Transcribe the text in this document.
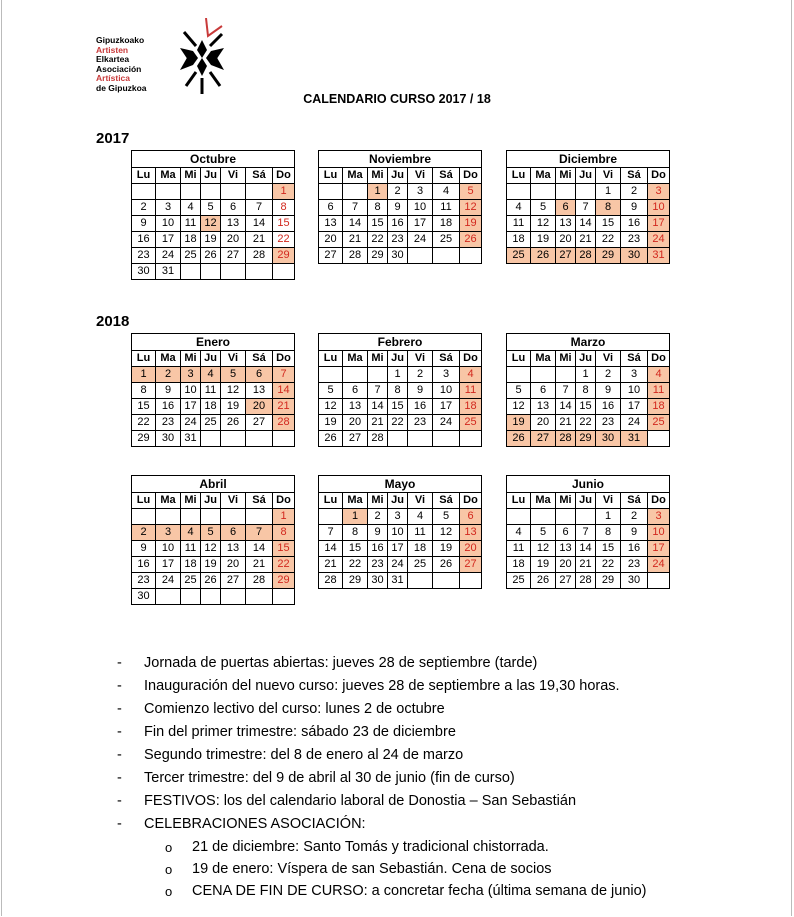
Gipuzkoako
Artisten
Elkartea
Asociación
Artística
de Gipuzkoa
CALENDARIO CURSO 2017 / 18
2017
2018
Octubre						
Lu	Ma	Mi	Ju	Vi	Sá	Do
						1
2	3	4	5	6	7	8
9	10	11	12	13	14	15
16	17	18	19	20	21	22
23	24	25	26	27	28	29
30	31					
Noviembre						
Lu	Ma	Mi	Ju	Vi	Sá	Do
		1	2	3	4	5
6	7	8	9	10	11	12
13	14	15	16	17	18	19
20	21	22	23	24	25	26
27	28	29	30			
Diciembre						
Lu	Ma	Mi	Ju	Vi	Sá	Do
				1	2	3
4	5	6	7	8	9	10
11	12	13	14	15	16	17
18	19	20	21	22	23	24
25	26	27	28	29	30	31
Enero						
Lu	Ma	Mi	Ju	Vi	Sá	Do
1	2	3	4	5	6	7
8	9	10	11	12	13	14
15	16	17	18	19	20	21
22	23	24	25	26	27	28
29	30	31				
Febrero						
Lu	Ma	Mi	Ju	Vi	Sá	Do
			1	2	3	4
5	6	7	8	9	10	11
12	13	14	15	16	17	18
19	20	21	22	23	24	25
26	27	28				
Marzo						
Lu	Ma	Mi	Ju	Vi	Sá	Do
			1	2	3	4
5	6	7	8	9	10	11
12	13	14	15	16	17	18
19	20	21	22	23	24	25
26	27	28	29	30	31	
Abril						
Lu	Ma	Mi	Ju	Vi	Sá	Do
						1
2	3	4	5	6	7	8
9	10	11	12	13	14	15
16	17	18	19	20	21	22
23	24	25	26	27	28	29
30						
Mayo						
Lu	Ma	Mi	Ju	Vi	Sá	Do
	1	2	3	4	5	6
7	8	9	10	11	12	13
14	15	16	17	18	19	20
21	22	23	24	25	26	27
28	29	30	31			
Junio						
Lu	Ma	Mi	Ju	Vi	Sá	Do
				1	2	3
4	5	6	7	8	9	10
11	12	13	14	15	16	17
18	19	20	21	22	23	24
25	26	27	28	29	30	
- Jornada de puertas abiertas: jueves 28 de septiembre (tarde)
- Inauguración del nuevo curso: jueves 28 de septiembre a las 19,30 horas.
- Comienzo lectivo del curso: lunes 2 de octubre
- Fin del primer trimestre: sábado 23 de diciembre
- Segundo trimestre: del 8 de enero al 24 de marzo
- Tercer trimestre: del 9 de abril al 30 de junio (fin de curso)
- FESTIVOS: los del calendario laboral de Donostia – San Sebastián
- CELEBRACIONES ASOCIACIÓN:
o 21 de diciembre: Santo Tomás y tradicional chistorrada.
o 19 de enero: Víspera de san Sebastián. Cena de socios
o CENA DE FIN DE CURSO: a concretar fecha (última semana de junio)
